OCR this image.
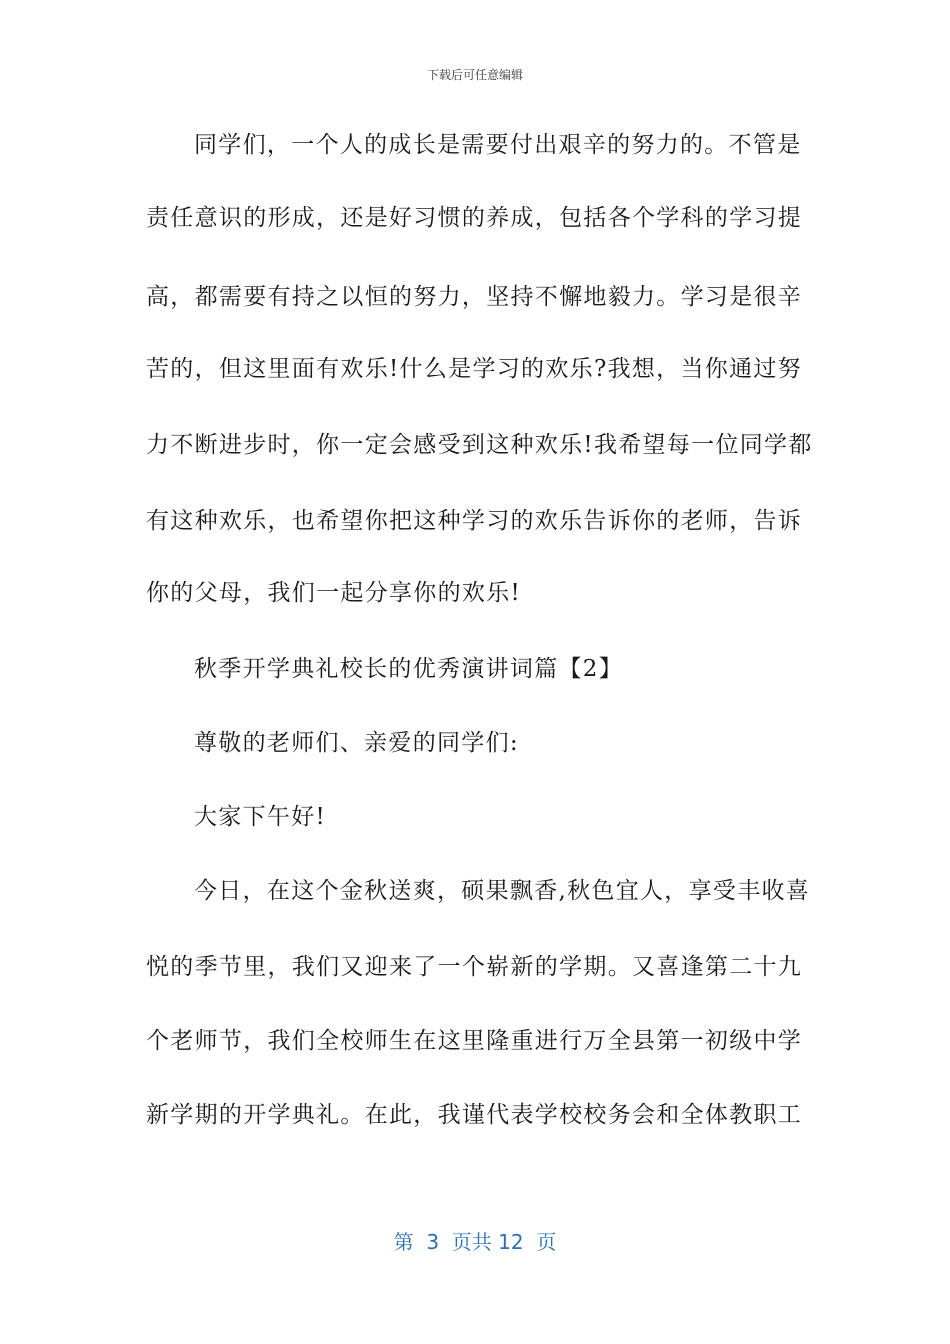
下载后可任意编辑
同学们，一个人的成长是需要付出艰辛的努力的。不管是
责任意识的形成，还是好习惯的养成，包括各个学科的学习提
高，都需要有持之以恒的努力，坚持不懈地毅力。学习是很辛
苦的，但这里面有欢乐!什么是学习的欢乐?我想，当你通过努
力不断进步时，你一定会感受到这种欢乐!我希望每一位同学都
有这种欢乐，也希望你把这种学习的欢乐告诉你的老师，告诉
你的父母，我们一起分享你的欢乐!
秋季开学典礼校长的优秀演讲词篇【2】
尊敬的老师们、亲爱的同学们:
大家下午好!
今日，在这个金秋送爽，硕果飘香,秋色宜人，享受丰收喜
悦的季节里，我们又迎来了一个崭新的学期。又喜逢第二十九
个老师节，我们全校师生在这里隆重进行万全县第一初级中学
新学期的开学典礼。在此，我谨代表学校校务会和全体教职工
第  3  页共 12  页
